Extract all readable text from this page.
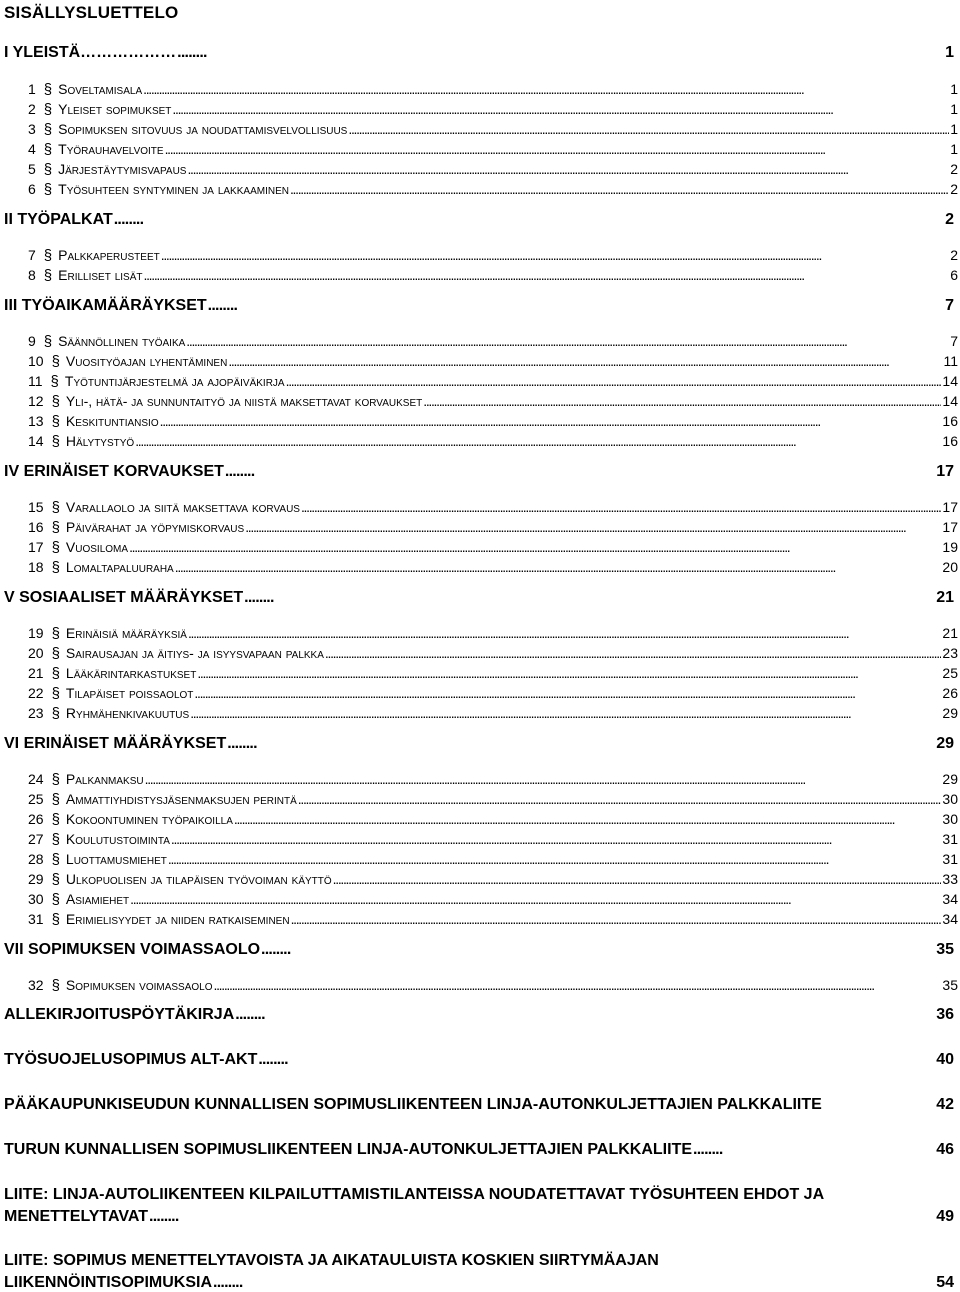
SISÄLLYSLUETTELO
I YLEISTÄ……………… . . .	1
1 § Soveltamisala . . .	1
2 § Yleiset sopimukset . . .	1
3 § Sopimuksen sitovuus ja noudattamisvelvollisuus . . .	1
4 § Työrauhavelvoite . . .	1
5 § Järjestäytymisvapaus . . .	2
6 § Työsuhteen syntyminen ja lakkaaminen . . .	2
II TYÖPALKAT . . .	2
7 § Palkkaperusteet . . .	2
8 § Erilliset lisät . . .	6
III TYÖAIKAMÄÄRÄYKSET . . .	7
9 § Säännöllinen työaika . . .	7
10 § Vuosityöajan lyhentäminen . . .	11
11 § Työtuntijärjestelmä ja ajopäiväkirja . . .	14
12 § Yli-, hätä- ja sunnuntaityö ja niistä maksettavat korvaukset . . .	14
13 § Keskituntiansio . . .	16
14 § Hälytystyö . . .	16
IV ERINÄISET KORVAUKSET . . .	17
15 § Varallaolo ja siitä maksettava korvaus . . .	17
16 § Päivärahat ja yöpymiskorvaus . . .	17
17 § Vuosiloma . . .	19
18 § Lomaltapaluuraha . . .	20
V SOSIAALISET MÄÄRÄYKSET . . .	21
19 § Erinäisiä määräyksiä . . .	21
20 § Sairausajan ja äitiys- ja isyysvapaan palkka . . .	23
21 § Lääkärintarkastukset . . .	25
22 § Tilapäiset poissaolot . . .	26
23 § Ryhmähenkivakuutus . . .	29
VI ERINÄISET MÄÄRÄYKSET . . .	29
24 § Palkanmaksu . . .	29
25 § Ammattiyhdistysjäsenmaksujen perintä . . .	30
26 § Kokoontuminen työpaikoilla . . .	30
27 § Koulutustoiminta . . .	31
28 § Luottamusmiehet . . .	31
29 § Ulkopuolisen ja tilapäisen työvoiman käyttö . . .	33
30 § Asiamiehet . . .	34
31 § Erimielisyydet ja niiden ratkaiseminen . . .	34
VII SOPIMUKSEN VOIMASSAOLO . . .	35
32 § Sopimuksen voimassaolo . . .	35
ALLEKIRJOITUSPÖYTÄKIRJA . . .	36
TYÖSUOJELUSOPIMUS ALT-AKT . . .	40
PÄÄKAUPUNKISEUDUN KUNNALLISEN SOPIMUSLIIKENTEEN LINJA-AUTONKULJETTAJIEN PALKKALIITE	42
TURUN KUNNALLISEN SOPIMUSLIIKENTEEN LINJA-AUTONKULJETTAJIEN PALKKALIITE . . .	46
LIITE: LINJA-AUTOLIIKENTEEN KILPAILUTTAMISTILANTEISSA NOUDATETTAVAT TYÖSUHTEEN EHDOT JA
MENETTELYTAVAT . . .	49
LIITE: SOPIMUS MENETTELYTAVOISTA JA AIKATAULUISTA KOSKIEN SIIRTYMÄAJAN
LIIKENNÖINTISOPIMUKSIA . . .	54
